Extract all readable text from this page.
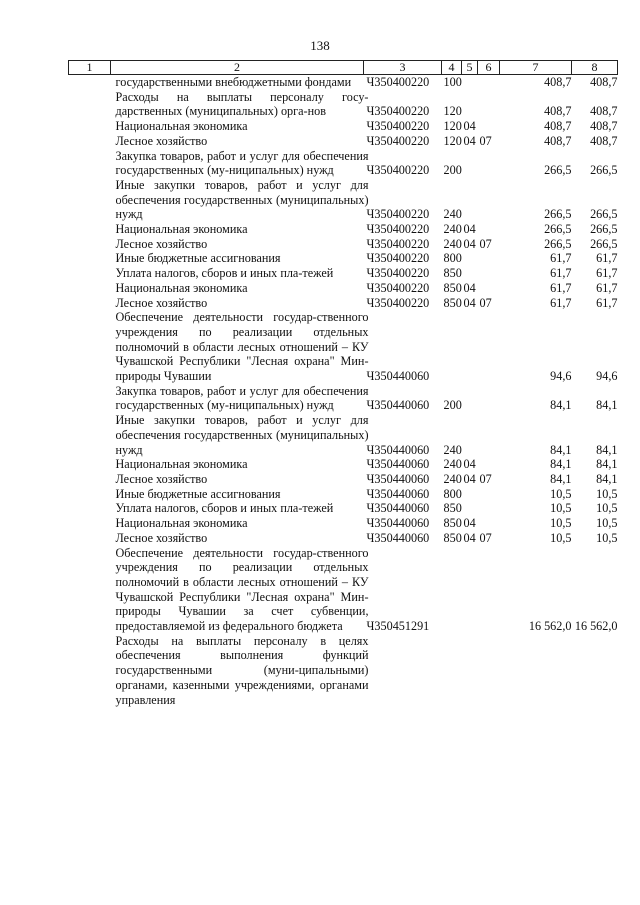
138
1	2	3	4	5	6	7	8
	государственными внебюджетными фондами	Ч350400220	100			408,7	408,7
	Расходы на выплаты персоналу госу-дарственных (муниципальных) орга-нов	Ч350400220	120			408,7	408,7
	Национальная экономика	Ч350400220	120	04		408,7	408,7
	Лесное хозяйство	Ч350400220	120	04	07	408,7	408,7
	Закупка товаров, работ и услуг для обеспечения государственных (му-ниципальных) нужд	Ч350400220	200			266,5	266,5
	Иные закупки товаров, работ и услуг для обеспечения государственных (муниципальных) нужд	Ч350400220	240			266,5	266,5
	Национальная экономика	Ч350400220	240	04		266,5	266,5
	Лесное хозяйство	Ч350400220	240	04	07	266,5	266,5
	Иные бюджетные ассигнования	Ч350400220	800			61,7	61,7
	Уплата налогов, сборов и иных пла-тежей	Ч350400220	850			61,7	61,7
	Национальная экономика	Ч350400220	850	04		61,7	61,7
	Лесное хозяйство	Ч350400220	850	04	07	61,7	61,7
	Обеспечение деятельности государ-ственного учреждения по реализации отдельных полномочий в области лесных отношений – КУ Чувашской Республики "Лесная охрана" Мин-природы Чувашии	Ч350440060				94,6	94,6
	Закупка товаров, работ и услуг для обеспечения государственных (му-ниципальных) нужд	Ч350440060	200			84,1	84,1
	Иные закупки товаров, работ и услуг для обеспечения государственных (муниципальных) нужд	Ч350440060	240			84,1	84,1
	Национальная экономика	Ч350440060	240	04		84,1	84,1
	Лесное хозяйство	Ч350440060	240	04	07	84,1	84,1
	Иные бюджетные ассигнования	Ч350440060	800			10,5	10,5
	Уплата налогов, сборов и иных пла-тежей	Ч350440060	850			10,5	10,5
	Национальная экономика	Ч350440060	850	04		10,5	10,5
	Лесное хозяйство	Ч350440060	850	04	07	10,5	10,5
	Обеспечение деятельности государ-ственного учреждения по реализации отдельных полномочий в области лесных отношений – КУ Чувашской Республики "Лесная охрана" Мин-природы Чувашии за счет субвенции, предоставляемой из федерального бюджета	Ч350451291				16 562,0	16 562,0
	Расходы на выплаты персоналу в целях обеспечения выполнения функций государственными (муни-ципальными) органами, казенными учреждениями, органами управления						
